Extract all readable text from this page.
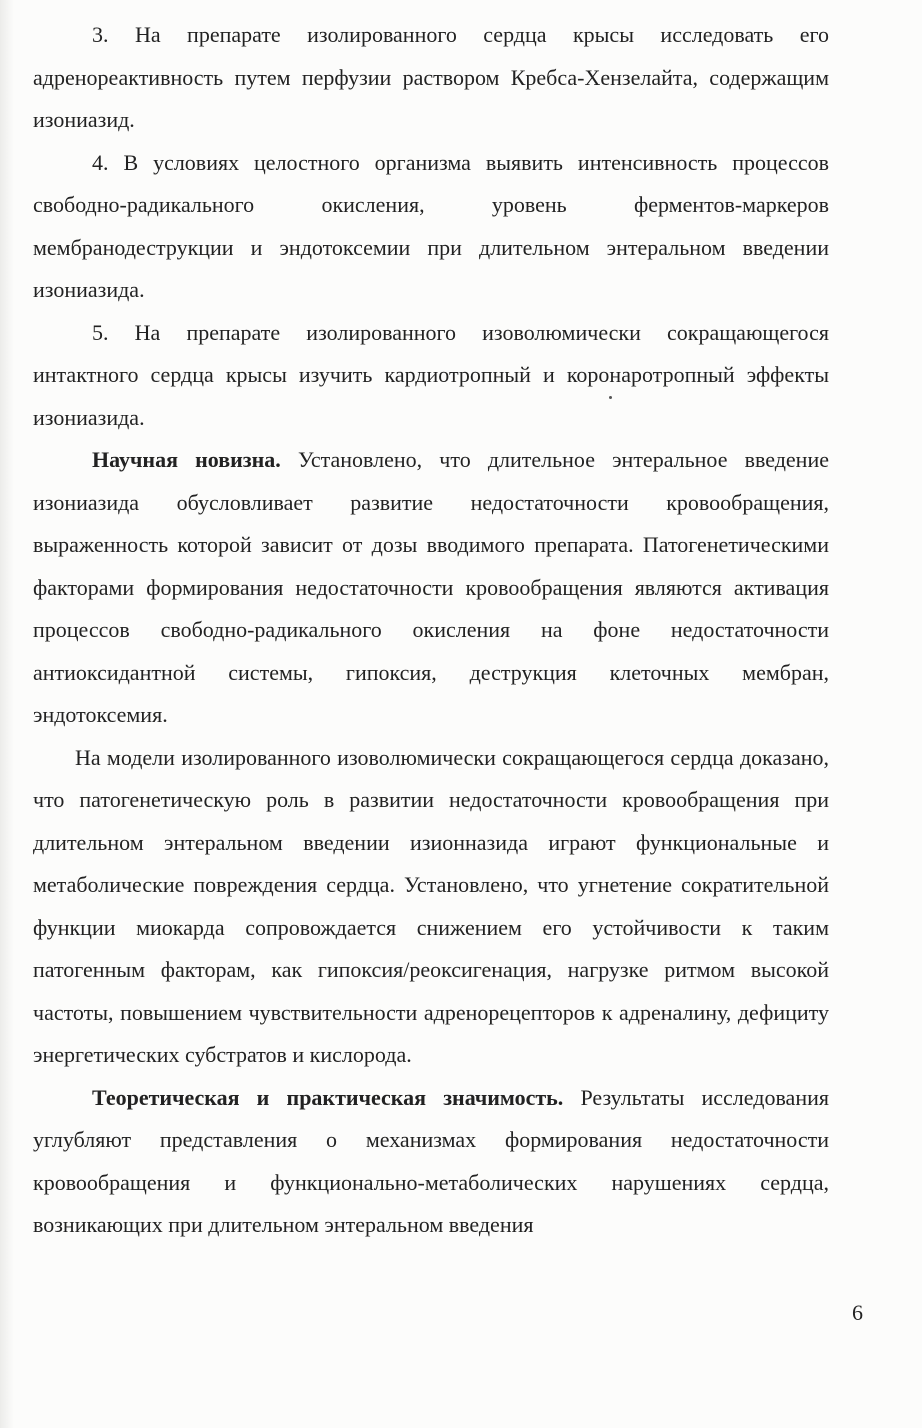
3. На препарате изолированного сердца крысы исследовать его адренореактивность путем перфузии раствором Кребса-Хензелайта, содержащим изониазид.

4. В условиях целостного организма выявить интенсивность процессов свободно-радикального окисления, уровень ферментов-маркеров мембранодеструкции и эндотоксемии при длительном энтеральном введении изониазида.

5. На препарате изолированного изоволюмически сокращающегося интактного сердца крысы изучить кардиотропный и коронаротропный эффекты изониазида.

Научная новизна. Установлено, что длительное энтеральное введение изониазида обусловливает развитие недостаточности кровообращения, выраженность которой зависит от дозы вводимого препарата. Патогенетическими факторами формирования недостаточности кровообращения являются активация процессов свободно-радикального окисления на фоне недостаточности антиоксидантной системы, гипоксия, деструкция клеточных мембран, эндотоксемия.

На модели изолированного изоволюмически сокращающегося сердца доказано, что патогенетическую роль в развитии недостаточности кровообращения при длительном энтеральном введении изионназида играют функциональные и метаболические повреждения сердца. Установлено, что угнетение сократительной функции миокарда сопровождается снижением его устойчивости к таким патогенным факторам, как гипоксия/реоксигенация, нагрузке ритмом высокой частоты, повышением чувствительности адренорецепторов к адреналину, дефициту энергетических субстратов и кислорода.

Теоретическая и практическая значимость. Результаты исследования углубляют представления о механизмах формирования недостаточности кровообращения и функционально-метаболических нарушениях сердца, возникающих при длительном энтеральном введения

6
